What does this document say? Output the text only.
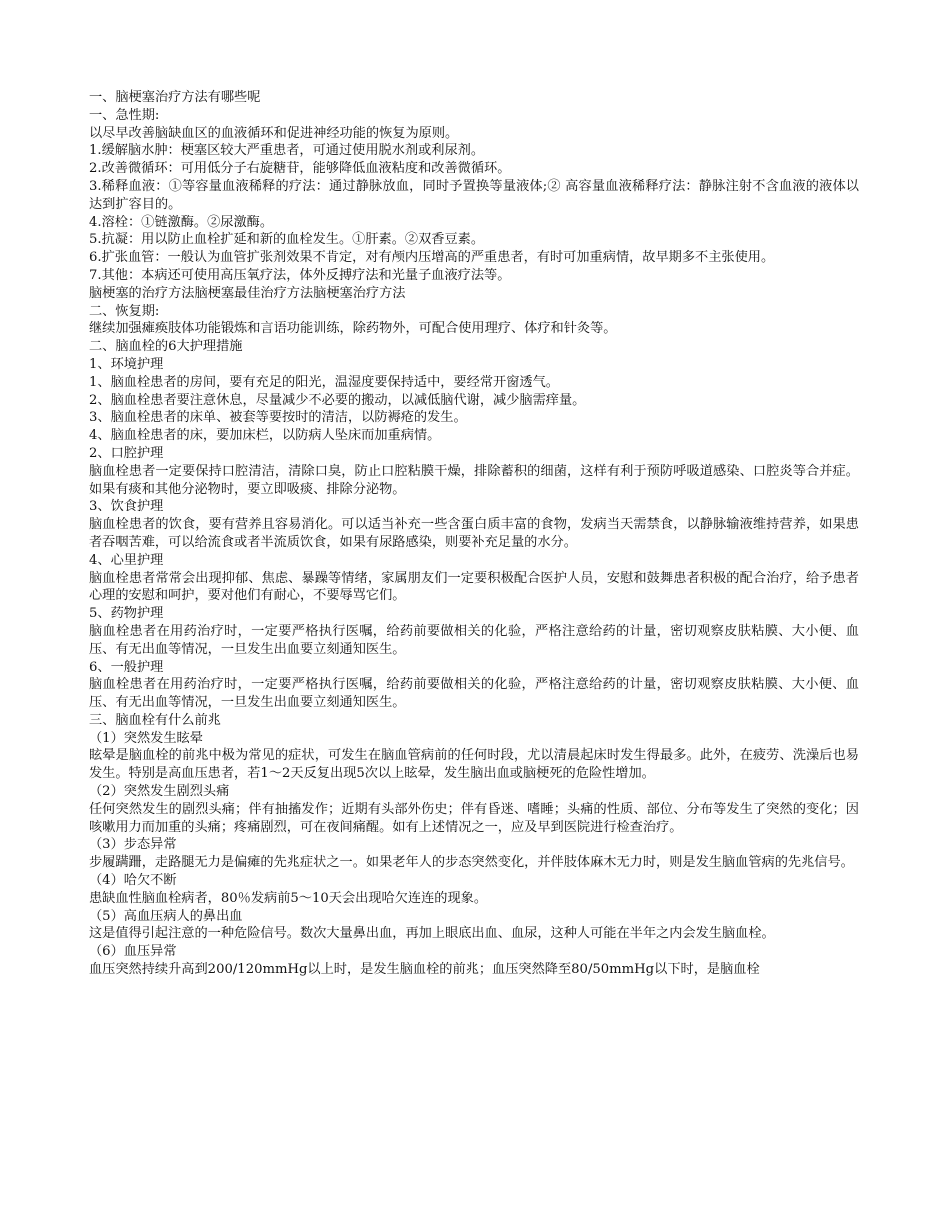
一、脑梗塞治疗方法有哪些呢

一、急性期:

以尽早改善脑缺血区的血液循环和促进神经功能的恢复为原则。

1.缓解脑水肿：梗塞区较大严重患者，可通过使用脱水剂或利尿剂。

2.改善微循环：可用低分子右旋糖苷，能够降低血液粘度和改善微循环。

3.稀释血液：①等容量血液稀释的疗法：通过静脉放血，同时予置换等量液体;② 高容量血液稀释疗法：静脉注射不含血液的液体以达到扩容目的。

4.溶栓：①链激酶。②尿激酶。

5.抗凝：用以防止血栓扩延和新的血栓发生。①肝素。②双香豆素。

6.扩张血管：一般认为血管扩张剂效果不肯定，对有颅内压增高的严重患者，有时可加重病情，故早期多不主张使用。

7.其他：本病还可使用高压氧疗法，体外反搏疗法和光量子血液疗法等。

脑梗塞的治疗方法脑梗塞最佳治疗方法脑梗塞治疗方法

二、恢复期:

继续加强瘫痪肢体功能锻炼和言语功能训练，除药物外，可配合使用理疗、体疗和针灸等。

二、脑血栓的6大护理措施

1、环境护理

1、脑血栓患者的房间，要有充足的阳光，温湿度要保持适中，要经常开窗透气。

2、脑血栓患者要注意休息，尽量减少不必要的搬动，以减低脑代谢，减少脑需痒量。

3、脑血栓患者的床单、被套等要按时的清洁，以防褥疮的发生。

4、脑血栓患者的床，要加床栏，以防病人坠床而加重病情。

2、口腔护理

脑血栓患者一定要保持口腔清洁，清除口臭，防止口腔粘膜干燥，排除蓄积的细菌，这样有利于预防呼吸道感染、口腔炎等合并症。如果有痰和其他分泌物时，要立即吸痰、排除分泌物。

3、饮食护理

脑血栓患者的饮食，要有营养且容易消化。可以适当补充一些含蛋白质丰富的食物，发病当天需禁食，以静脉输液维持营养，如果患者吞咽苦难，可以给流食或者半流质饮食，如果有尿路感染，则要补充足量的水分。

4、心里护理

脑血栓患者常常会出现抑郁、焦虑、暴躁等情绪，家属朋友们一定要积极配合医护人员，安慰和鼓舞患者积极的配合治疗，给予患者心理的安慰和呵护，要对他们有耐心，不要辱骂它们。

5、药物护理

脑血栓患者在用药治疗时，一定要严格执行医嘱，给药前要做相关的化验，严格注意给药的计量，密切观察皮肤粘膜、大小便、血压、有无出血等情况，一旦发生出血要立刻通知医生。

6、一般护理

脑血栓患者在用药治疗时，一定要严格执行医嘱，给药前要做相关的化验，严格注意给药的计量，密切观察皮肤粘膜、大小便、血压、有无出血等情况，一旦发生出血要立刻通知医生。

三、脑血栓有什么前兆

（1）突然发生眩晕

眩晕是脑血栓的前兆中极为常见的症状，可发生在脑血管病前的任何时段，尤以清晨起床时发生得最多。此外，在疲劳、洗澡后也易发生。特别是高血压患者，若1～2天反复出现5次以上眩晕，发生脑出血或脑梗死的危险性增加。

（2）突然发生剧烈头痛

任何突然发生的剧烈头痛；伴有抽搐发作；近期有头部外伤史；伴有昏迷、嗜睡；头痛的性质、部位、分布等发生了突然的变化；因咳嗽用力而加重的头痛；疼痛剧烈，可在夜间痛醒。如有上述情况之一，应及早到医院进行检查治疗。

（3）步态异常

步履蹒跚，走路腿无力是偏瘫的先兆症状之一。如果老年人的步态突然变化，并伴肢体麻木无力时，则是发生脑血管病的先兆信号。

（4）哈欠不断

患缺血性脑血栓病者，80％发病前5～10天会出现哈欠连连的现象。

（5）高血压病人的鼻出血

这是值得引起注意的一种危险信号。数次大量鼻出血，再加上眼底出血、血尿，这种人可能在半年之内会发生脑血栓。

（6）血压异常

血压突然持续升高到200/120mmHg以上时，是发生脑血栓的前兆；血压突然降至80/50mmHg以下时，是脑血栓
